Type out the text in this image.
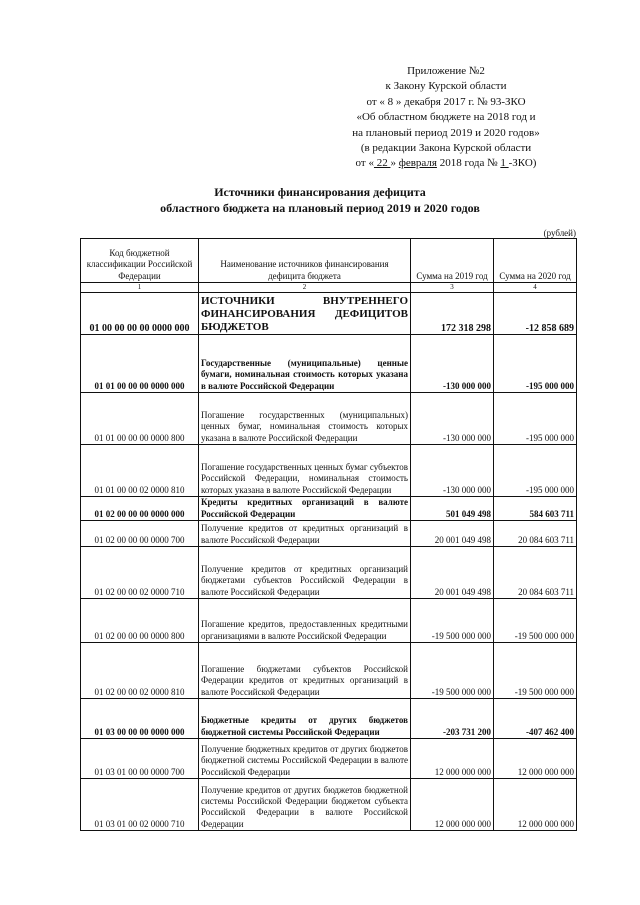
Приложение №2
к Закону Курской области
от « 8 » декабря 2017 г. № 93-ЗКО
«Об областном бюджете на 2018 год и
на плановый период 2019 и 2020 годов»
(в редакции Закона Курской области
от « 22 » февраля 2018 года № 1 -ЗКО)
Источники финансирования дефицита
областного бюджета на плановый период 2019 и 2020 годов
(рублей)
Код бюджетной классификации Российской Федерации	Наименование источников финансирования дефицита бюджета	Сумма на 2019 год	Сумма на 2020 год
1	2	3	4
01 00 00 00 00 0000 000	ИСТОЧНИКИ ВНУТРЕННЕГО ФИНАНСИРОВАНИЯ ДЕФИЦИТОВ БЮДЖЕТОВ	172 318 298	-12 858 689
01 01 00 00 00 0000 000	Государственные (муниципальные) ценные бумаги, номинальная стоимость которых указана в валюте Российской Федерации	-130 000 000	-195 000 000
01 01 00 00 00 0000 800	Погашение государственных (муниципальных) ценных бумаг, номинальная стоимость которых указана в валюте Российской Федерации	-130 000 000	-195 000 000
01 01 00 00 02 0000 810	Погашение государственных ценных бумаг субъектов Российской Федерации, номинальная стоимость которых указана в валюте Российской Федерации	-130 000 000	-195 000 000
01 02 00 00 00 0000 000	Кредиты кредитных организаций в валюте Российской Федерации	501 049 498	584 603 711
01 02 00 00 00 0000 700	Получение кредитов от кредитных организаций в валюте Российской Федерации	20 001 049 498	20 084 603 711
01 02 00 00 02 0000 710	Получение кредитов от кредитных организаций бюджетами субъектов Российской Федерации в валюте Российской Федерации	20 001 049 498	20 084 603 711
01 02 00 00 00 0000 800	Погашение кредитов, предоставленных кредитными организациями в валюте Российской Федерации	-19 500 000 000	-19 500 000 000
01 02 00 00 02 0000 810	Погашение бюджетами субъектов Российской Федерации кредитов от кредитных организаций в валюте Российской Федерации	-19 500 000 000	-19 500 000 000
01 03 00 00 00 0000 000	Бюджетные кредиты от других бюджетов бюджетной системы Российской Федерации	-203 731 200	-407 462 400
01 03 01 00 00 0000 700	Получение бюджетных кредитов от других бюджетов бюджетной системы Российской Федерации в валюте Российской Федерации	12 000 000 000	12 000 000 000
01 03 01 00 02 0000 710	Получение кредитов от других бюджетов бюджетной системы Российской Федерации бюджетом субъекта Российской Федерации в валюте Российской Федерации	12 000 000 000	12 000 000 000
